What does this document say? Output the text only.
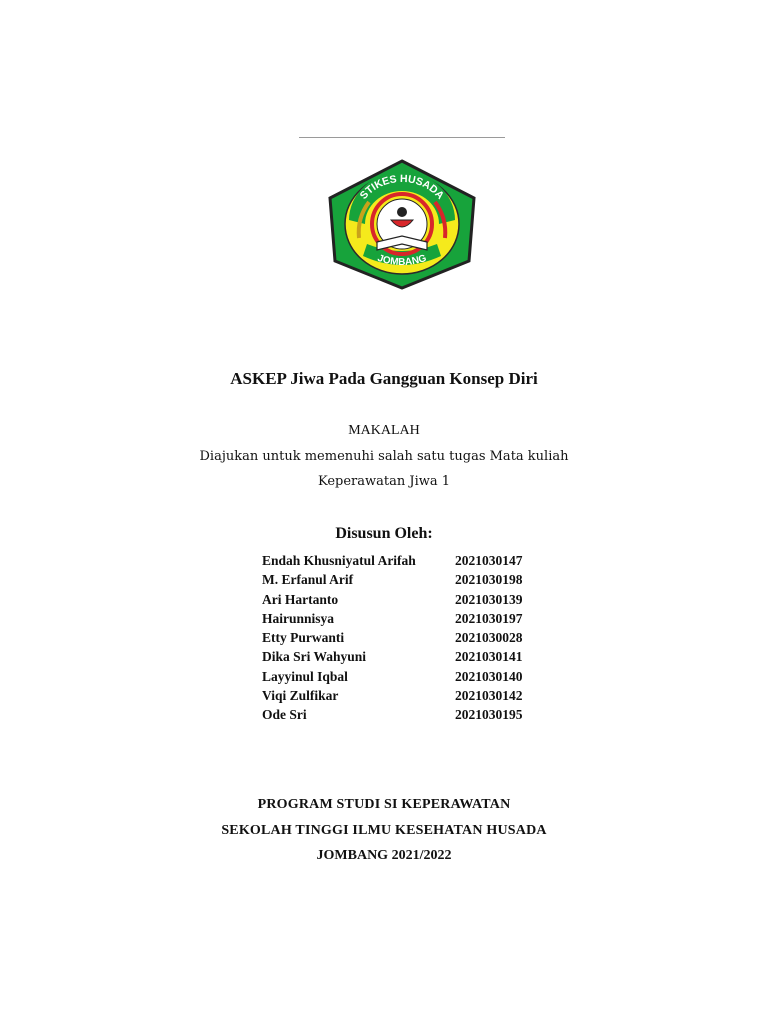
STIKES HUSADA
JOMBANG
ASKEP Jiwa Pada Gangguan Konsep Diri
MAKALAH
Diajukan untuk memenuhi salah satu tugas Mata kuliah
Keperawatan Jiwa 1
Disusun Oleh:
Endah Khusniyatul Arifah	2021030147
M. Erfanul Arif	2021030198
Ari Hartanto	2021030139
Hairunnisya	2021030197
Etty Purwanti	2021030028
Dika Sri Wahyuni	2021030141
Layyinul Iqbal	2021030140
Viqi Zulfikar	2021030142
Ode Sri	2021030195
PROGRAM STUDI SI KEPERAWATAN
SEKOLAH TINGGI ILMU KESEHATAN HUSADA
JOMBANG 2021/2022
